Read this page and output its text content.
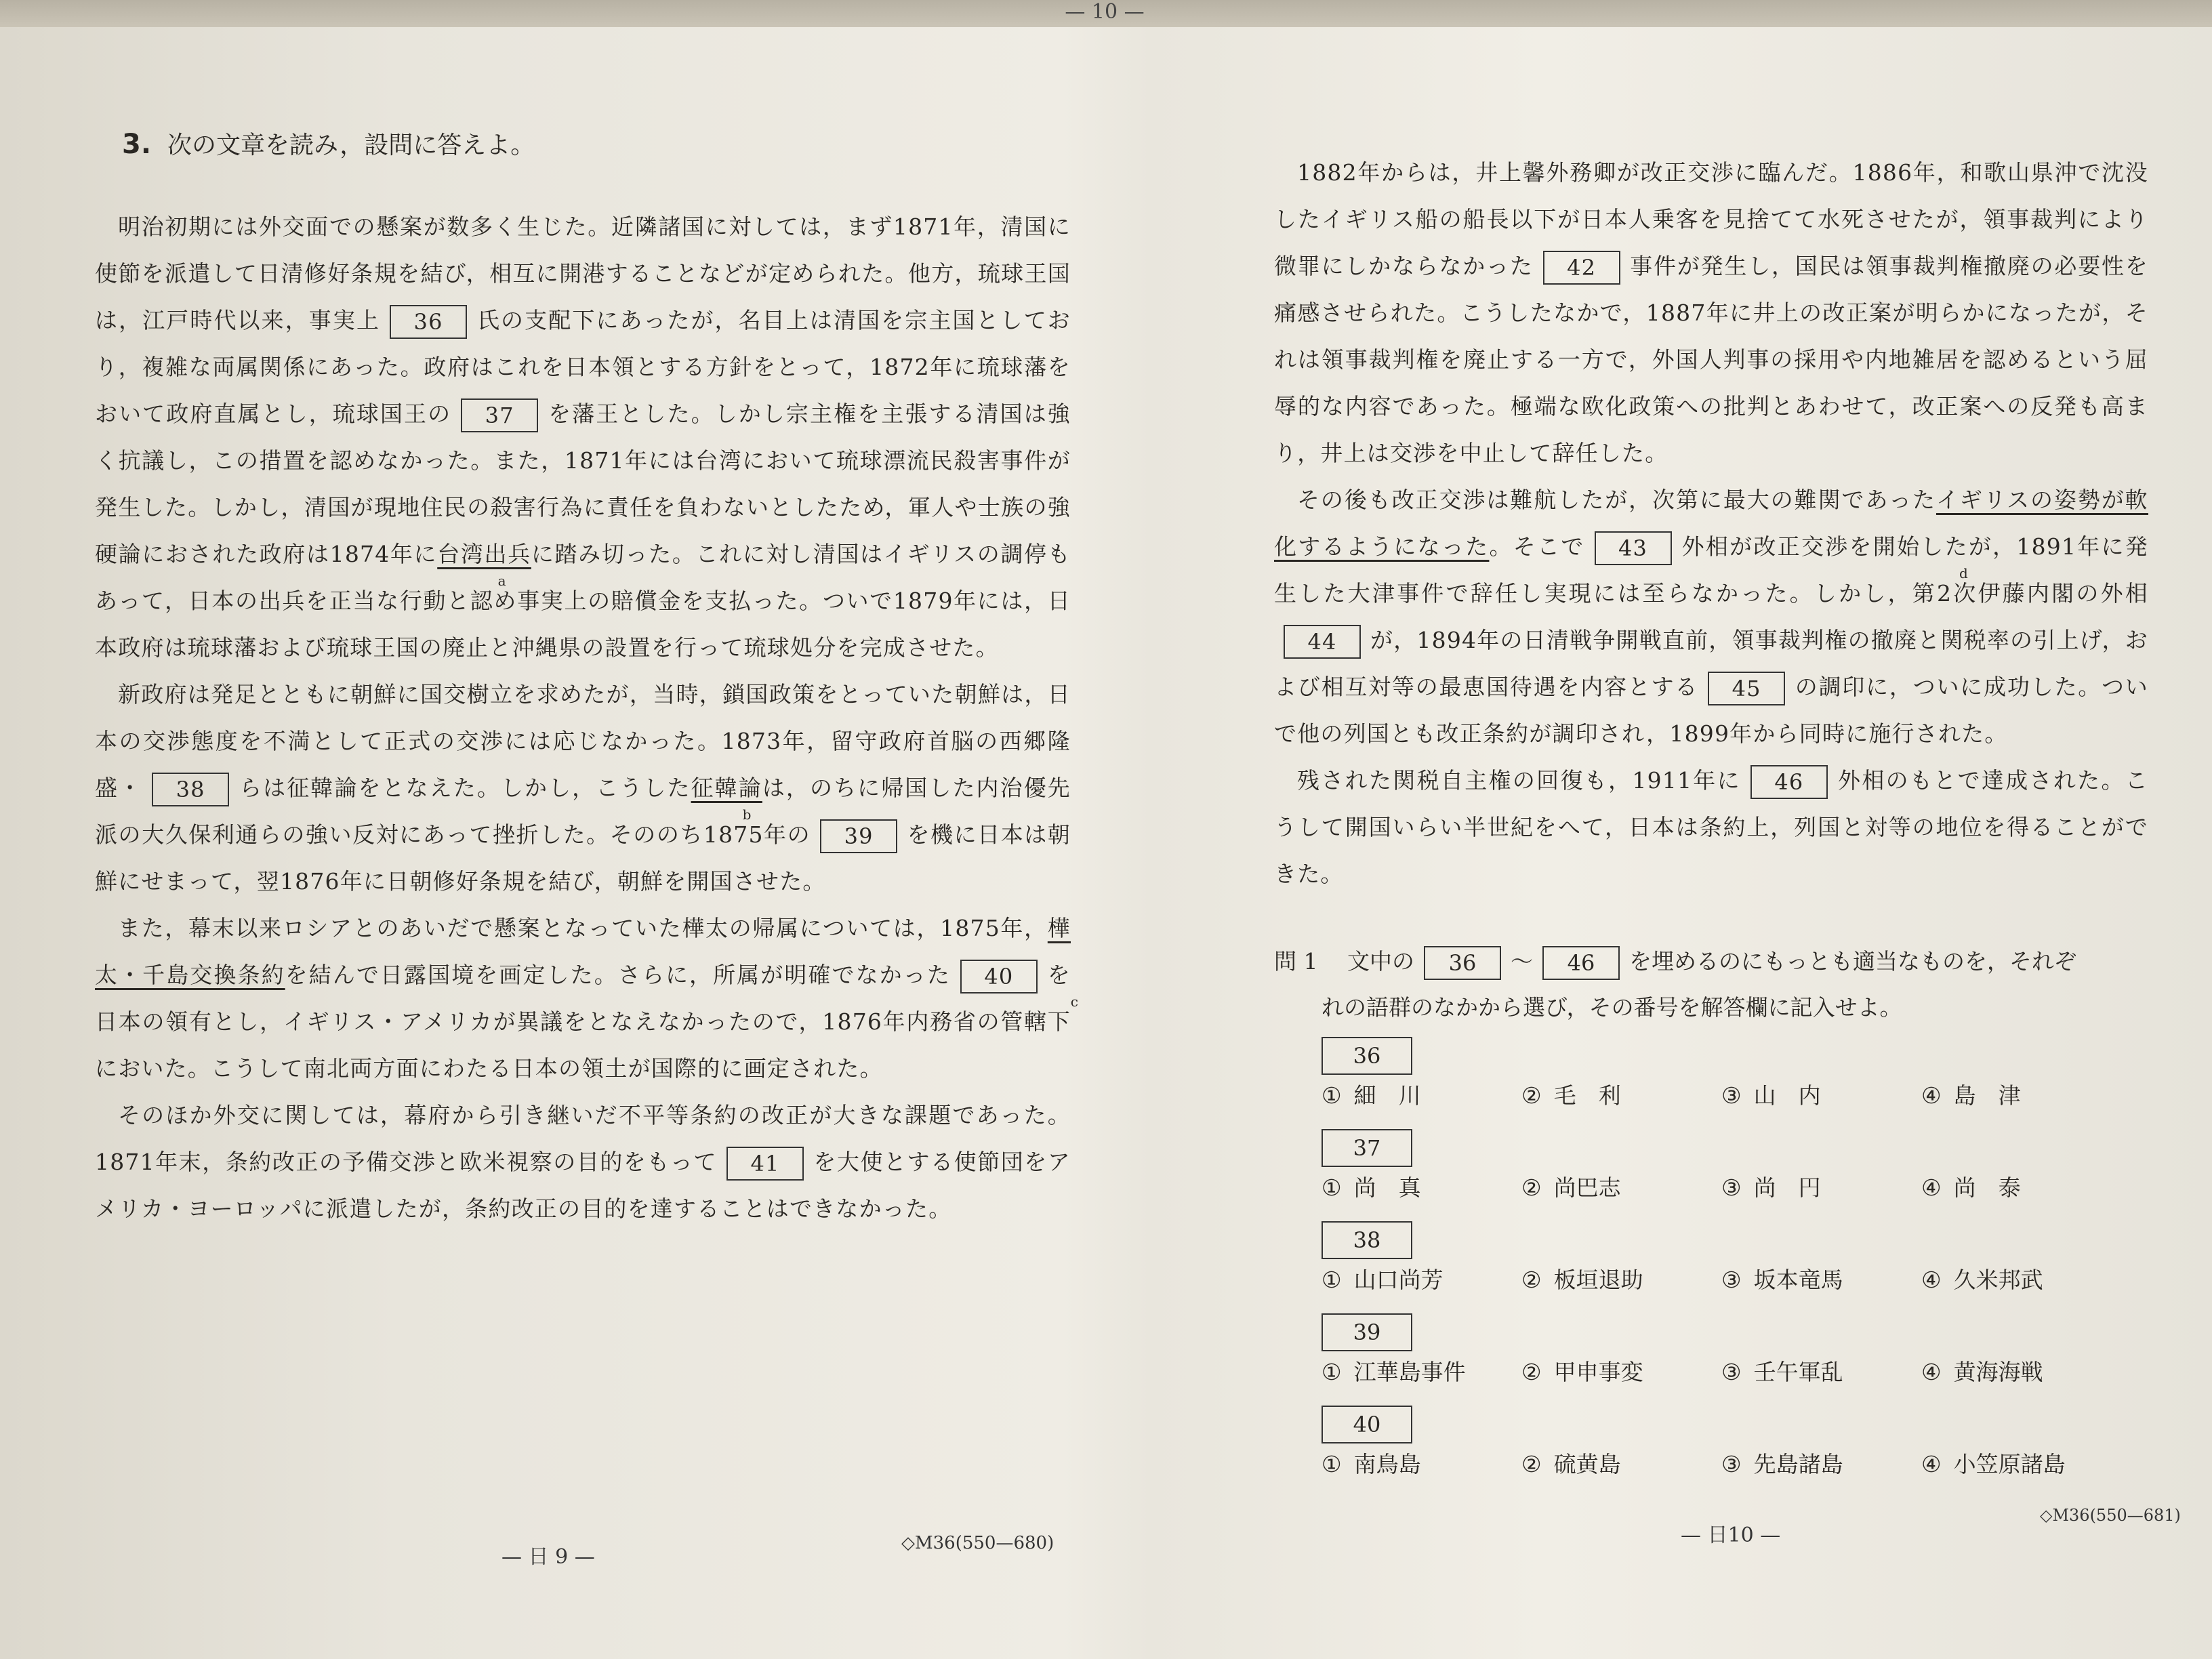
— 10 —
3. 次の文章を読み，設問に答えよ。

明治初期には外交面での懸案が数多く生じた。近隣諸国に対しては，まず1871年，清国に使節を派遣して日清修好条規を結び，相互に開港することなどが定められた。他方，琉球王国は，江戸時代以来，事実上 36 氏の支配下にあったが，名目上は清国を宗主国としており，複雑な両属関係にあった。政府はこれを日本領とする方針をとって，1872年に琉球藩をおいて政府直属とし，琉球国王の 37 を藩王とした。しかし宗主権を主張する清国は強く抗議し，この措置を認めなかった。また，1871年には台湾において琉球漂流民殺害事件が発生した。しかし，清国が現地住民の殺害行為に責任を負わないとしたため，軍人や士族の強硬論におされた政府は1874年に台湾出兵
a
に踏み切った。これに対し清国はイギリスの調停もあって，日本の出兵を正当な行動と認め事実上の賠償金を支払った。ついで1879年には，日本政府は琉球藩および琉球王国の廃止と沖縄県の設置を行って琉球処分を完成させた。

新政府は発足とともに朝鮮に国交樹立を求めたが，当時，鎖国政策をとっていた朝鮮は，日本の交渉態度を不満として正式の交渉には応じなかった。1873年，留守政府首脳の西郷隆盛・ 38 らは征韓論をとなえた。しかし，こうした征韓論
b
は，のちに帰国した内治優先派の大久保利通らの強い反対にあって挫折した。そののち1875年の 39 を機に日本は朝鮮にせまって，翌1876年に日朝修好条規を結び，朝鮮を開国させた。

また，幕末以来ロシアとのあいだで懸案となっていた樺太の帰属については，1875年，樺太・千島交換条約
c
を結んで日露国境を画定した。さらに，所属が明確でなかった 40 を日本の領有とし，イギリス・アメリカが異議をとなえなかったので，1876年内務省の管轄下においた。こうして南北両方面にわたる日本の領土が国際的に画定された。

そのほか外交に関しては，幕府から引き継いだ不平等条約の改正が大きな課題であった。1871年末，条約改正の予備交渉と欧米視察の目的をもって 41 を大使とする使節団をアメリカ・ヨーロッパに派遣したが，条約改正の目的を達することはできなかった。

— 日 9 —
◇M36(550—680)

1882年からは，井上馨外務卿が改正交渉に臨んだ。1886年，和歌山県沖で沈没したイギリス船の船長以下が日本人乗客を見捨てて水死させたが，領事裁判により微罪にしかならなかった 42 事件が発生し，国民は領事裁判権撤廃の必要性を痛感させられた。こうしたなかで，1887年に井上の改正案が明らかになったが，それは領事裁判権を廃止する一方で，外国人判事の採用や内地雑居を認めるという屈辱的な内容であった。極端な欧化政策への批判とあわせて，改正案への反発も高まり，井上は交渉を中止して辞任した。

その後も改正交渉は難航したが，次第に最大の難関であったイギリスの姿勢が軟化するようになった
d
。そこで 43 外相が改正交渉を開始したが，1891年に発生した大津事件で辞任し実現には至らなかった。しかし，第2次伊藤内閣の外相44 が，1894年の日清戦争開戦直前，領事裁判権の撤廃と関税率の引上げ，および相互対等の最恵国待遇を内容とする 45 の調印に，ついに成功した。ついで他の列国とも改正条約が調印され，1899年から同時に施行された。

残された関税自主権の回復も，1911年に 46 外相のもとで達成された。こうして開国いらい半世紀をへて，日本は条約上，列国と対等の地位を得ることができた。

問 1　 文中の 36 〜 46 を埋めるのにもっとも適当なものを，それぞ
れの語群のなかから選び，その番号を解答欄に記入せよ。
36
① 細　川	② 毛　利	③ 山　内	④ 島　津
37
① 尚　真	② 尚巴志	③ 尚　円	④ 尚　泰
38
① 山口尚芳	② 板垣退助	③ 坂本竜馬	④ 久米邦武
39
① 江華島事件	② 甲申事変	③ 壬午軍乱	④ 黄海海戦
40
① 南鳥島	② 硫黄島	③ 先島諸島	④ 小笠原諸島
— 日10 —
◇M36(550—681)
